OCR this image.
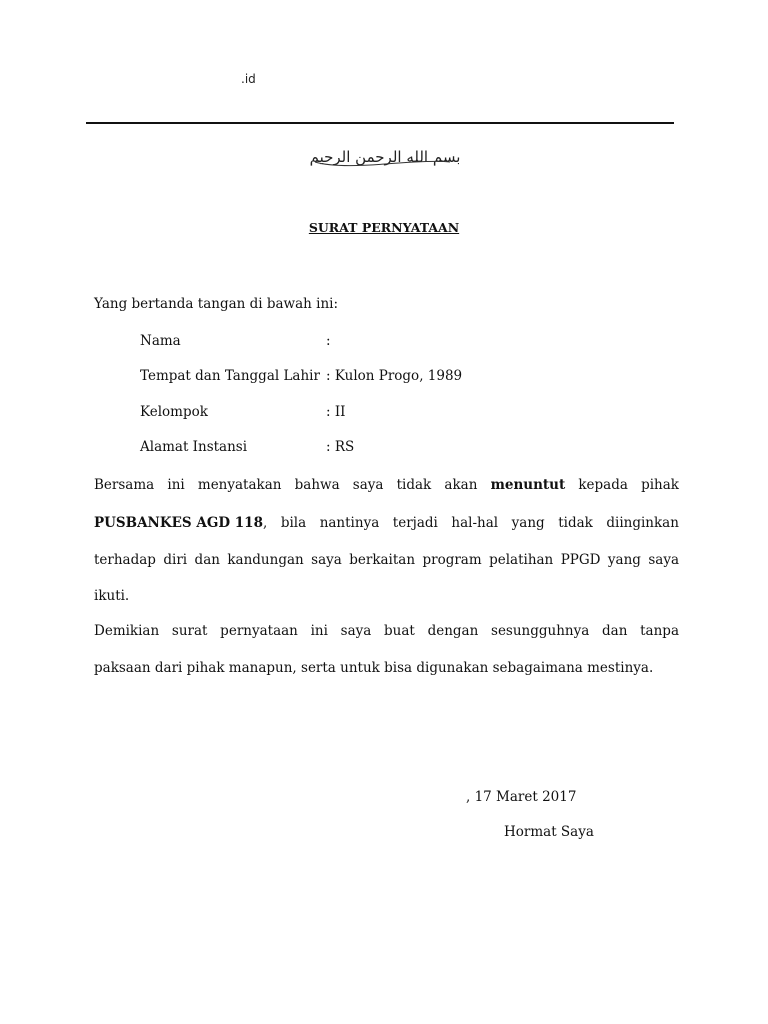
.id
بسم الله الرحمن الرحيم
SURAT PERNYATAAN
Yang bertanda tangan di bawah ini:
Nama	:
Tempat dan Tanggal Lahir : Kulon Progo, 1989
Kelompok	: II
Alamat Instansi	: RS
Bersama ini menyatakan bahwa saya tidak akan menuntut kepada pihak
PUSBANKES AGD 118, bila nantinya terjadi hal-hal yang tidak diinginkan
terhadap diri dan kandungan saya berkaitan program pelatihan PPGD yang saya
ikuti.
Demikian surat pernyataan ini saya buat dengan sesungguhnya dan tanpa
paksaan dari pihak manapun, serta untuk bisa digunakan sebagaimana mestinya.
, 17 Maret 2017
Hormat Saya
